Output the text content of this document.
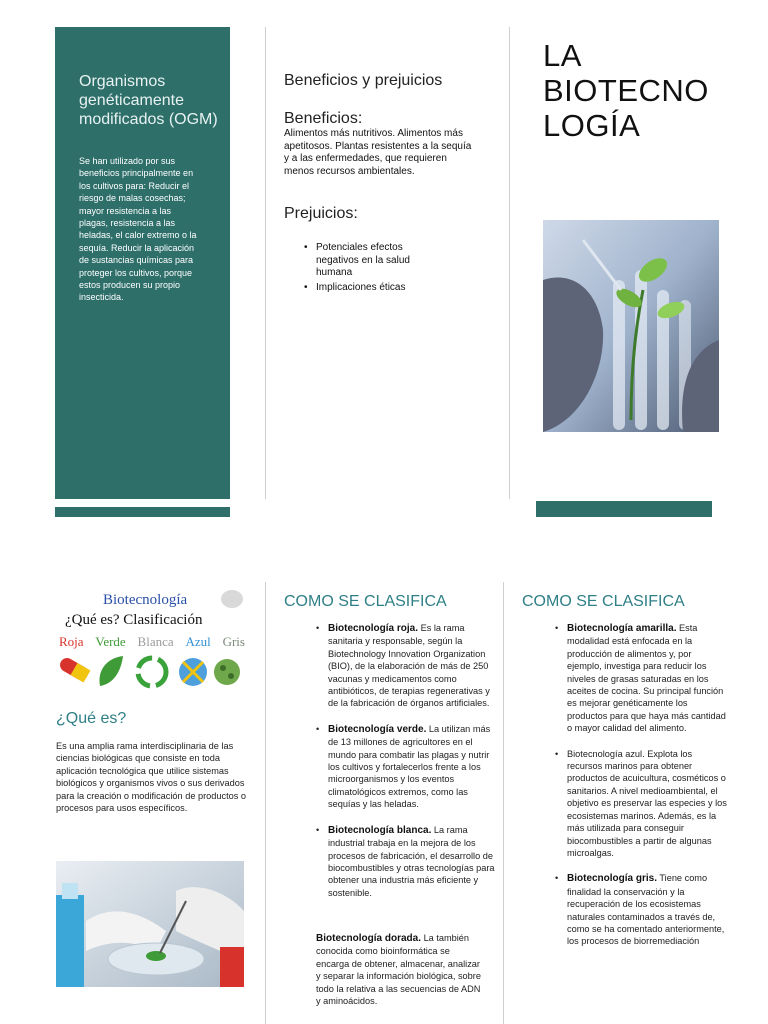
Organismos genéticamente modificados (OGM)
Se han utilizado por sus beneficios principalmente en los cultivos para: Reducir el riesgo de malas cosechas; mayor resistencia a las plagas, resistencia a las heladas, el calor extremo o la sequía. Reducir la aplicación de sustancias químicas para proteger los cultivos, porque estos producen su propio insecticida.
Beneficios y prejuicios
Beneficios:
Alimentos más nutritivos. Alimentos más apetitosos. Plantas resistentes a la sequía y a las enfermedades, que requieren menos recursos ambientales.
Prejuicios:
• Potenciales efectos negativos en la salud humana
• Implicaciones éticas
LA
BIOTECNO
LOGÍA
Biotecnología
¿Qué es? Clasificación
Roja Verde Blanca Azul Gris
¿Qué es?
Es una amplia rama interdisciplinaria de las ciencias biológicas que consiste en toda aplicación tecnológica que utilice sistemas biológicos y organismos vivos o sus derivados para la creación o modificación de productos o procesos para usos específicos.
COMO SE CLASIFICA
• Biotecnología roja. Es la rama sanitaria y responsable, según la Biotechnology Innovation Organization (BIO), de la elaboración de más de 250 vacunas y medicamentos como antibióticos, de terapias regenerativas y de la fabricación de órganos artificiales.
• Biotecnología verde. La utilizan más de 13 millones de agricultores en el mundo para combatir las plagas y nutrir los cultivos y fortalecerlos frente a los microorganismos y los eventos climatológicos extremos, como las sequías y las heladas.
• Biotecnología blanca. La rama industrial trabaja en la mejora de los procesos de fabricación, el desarrollo de biocombustibles y otras tecnologías para obtener una industria más eficiente y sostenible.
Biotecnología dorada. La también conocida como bioinformática se encarga de obtener, almacenar, analizar y separar la información biológica, sobre todo la relativa a las secuencias de ADN y aminoácidos.
COMO SE CLASIFICA
• Biotecnología amarilla. Esta modalidad está enfocada en la producción de alimentos y, por ejemplo, investiga para reducir los niveles de grasas saturadas en los aceites de cocina. Su principal función es mejorar genéticamente los productos para que haya más cantidad o mayor calidad del alimento.
• Biotecnología azul. Explota los recursos marinos para obtener productos de acuicultura, cosméticos o sanitarios. A nivel medioambiental, el objetivo es preservar las especies y los ecosistemas marinos. Además, es la más utilizada para conseguir biocombustibles a partir de algunas microalgas.
• Biotecnología gris. Tiene como finalidad la conservación y la recuperación de los ecosistemas naturales contaminados a través de, como se ha comentado anteriormente, los procesos de biorremediación
